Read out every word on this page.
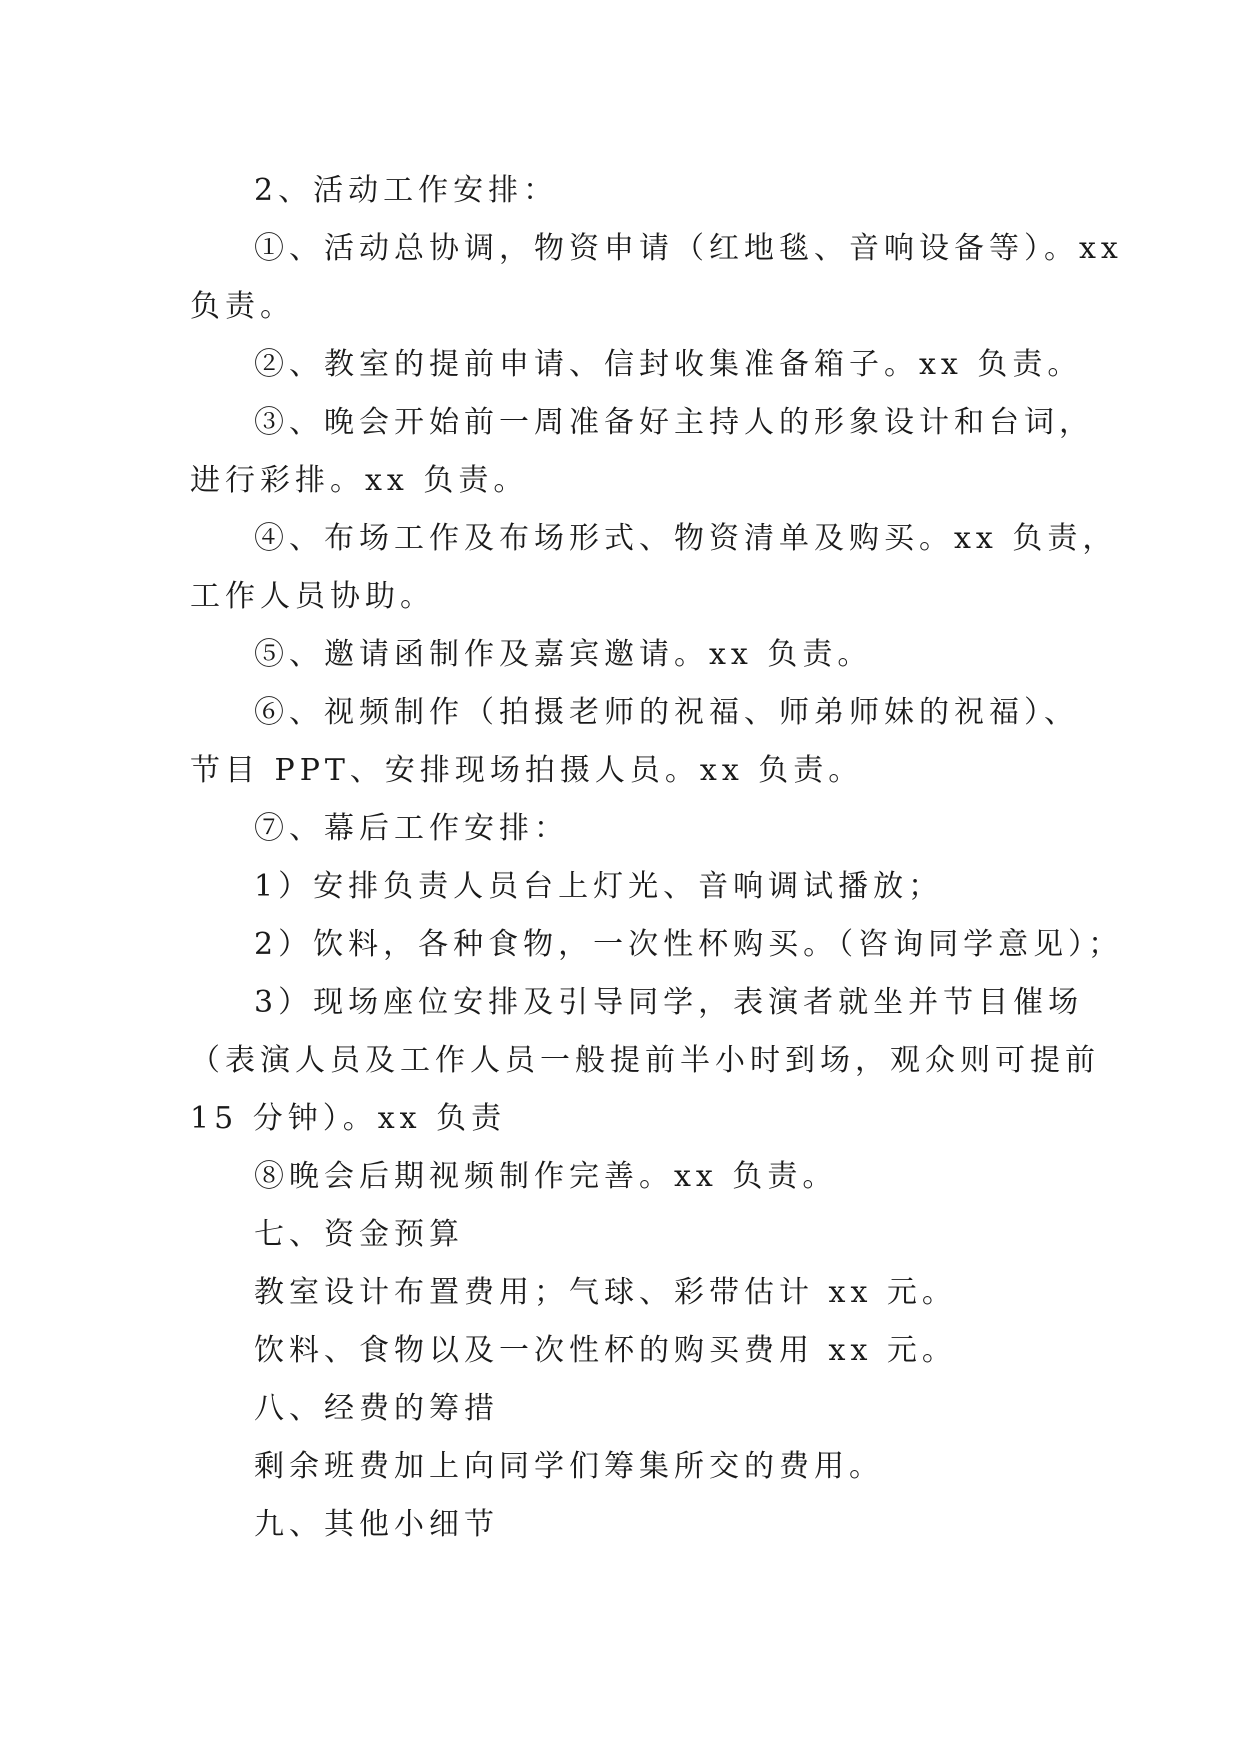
2、活动工作安排：
①、活动总协调，物资申请（红地毯、音响设备等）。xx
负责。
②、教室的提前申请、信封收集准备箱子。xx 负责。
③、晚会开始前一周准备好主持人的形象设计和台词，
进行彩排。xx 负责。
④、布场工作及布场形式、物资清单及购买。xx 负责，
工作人员协助。
⑤、邀请函制作及嘉宾邀请。xx 负责。
⑥、视频制作（拍摄老师的祝福、师弟师妹的祝福）、
节目 PPT、安排现场拍摄人员。xx 负责。
⑦、幕后工作安排：
1）安排负责人员台上灯光、音响调试播放；
2）饮料，各种食物，一次性杯购买。（咨询同学意见）；
3）现场座位安排及引导同学，表演者就坐并节目催场
（表演人员及工作人员一般提前半小时到场，观众则可提前
15 分钟）。xx 负责
⑧晚会后期视频制作完善。xx 负责。
七、资金预算
教室设计布置费用；气球、彩带估计 xx 元。
饮料、食物以及一次性杯的购买费用 xx 元。
八、经费的筹措
剩余班费加上向同学们筹集所交的费用。
九、其他小细节
